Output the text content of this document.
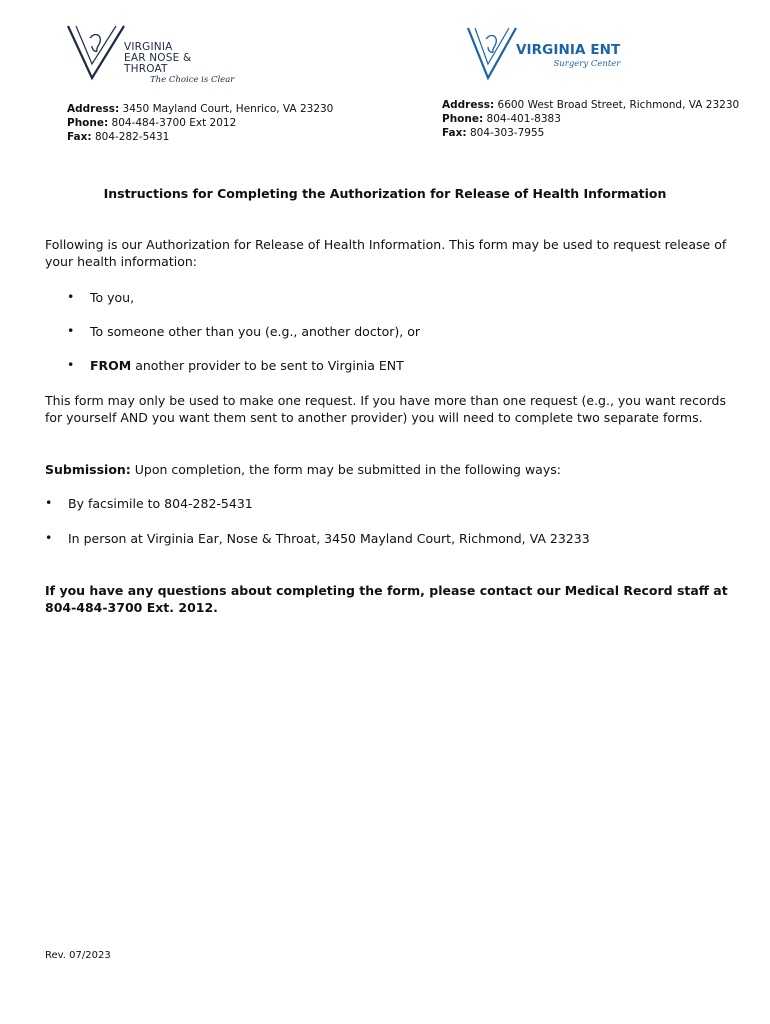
VIRGINIA
EAR NOSE & THROAT
The Choice is Clear
VIRGINIA ENT
Surgery Center
Address: 3450 Mayland Court, Henrico, VA 23230
Phone: 804-484-3700 Ext 2012
Fax: 804-282-5431
Address: 6600 West Broad Street, Richmond, VA 23230
Phone: 804-401-8383
Fax: 804-303-7955
Instructions for Completing the Authorization for Release of Health Information
Following is our Authorization for Release of Health Information. This form may be used to request release of your health information:
• To you,
• To someone other than you (e.g., another doctor), or
• FROM another provider to be sent to Virginia ENT
This form may only be used to make one request. If you have more than one request (e.g., you want records for yourself AND you want them sent to another provider) you will need to complete two separate forms.
Submission: Upon completion, the form may be submitted in the following ways:
• By facsimile to 804-282-5431
• In person at Virginia Ear, Nose & Throat, 3450 Mayland Court, Richmond, VA 23233
If you have any questions about completing the form, please contact our Medical Record staff at 804-484-3700 Ext. 2012.
Rev. 07/2023
